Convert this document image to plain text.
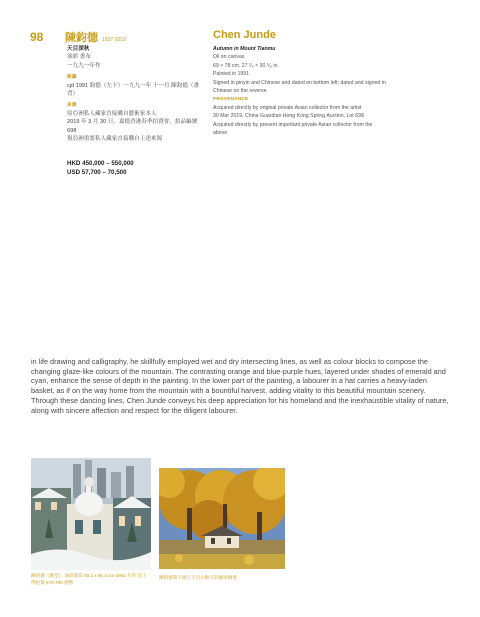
98 陳鈞德 1937-2019	Chen Junde
天目深秋
油彩 畫布
一九九一年作
款識
cjd 1991 鈞德（左下）一九九一年 十一月 陳鈞德（畫背）
來源
原亞洲私人藏家直接購自藝術家本人
2019 年 3 月 30 日，嘉德香港春季拍賣會，拍品編號 698
現亞洲重要私人藏家直接購自上述來源
Autumn in Mount Tianmu
Oil on canvas
69 × 78 cm. 27 ¹⁄₈ × 30 ⁵⁄₈ in.
Painted in 1991
Signed in pinyin and Chinese and dated on bottom left; dated and signed in Chinese on the reverse
PROVENANCE
Acquired directly by original private Asian collector from the artist
30 Mar 2019, China Guardian Hong Kong Spring Auction, Lot 698
Acquired directly by present important private Asian collector from the above
HKD 450,000 – 550,000
USD 57,700 – 70,500

in life drawing and calligraphy, he skillfully employed wet and dry intersecting lines, as well as colour blocks to compose the changing glaze-like colours of the mountain. The contrasting orange and blue-purple hues, layered under shades of emerald and cyan, enhance the sense of depth in the painting. In the lower part of the painting, a labourer in a hat carries a heavy-laden basket, as if on the way home from the mountain with a bountiful harvest, adding vitality to this beautiful mountain scenery. Through these dancing lines, Chen Junde conveys his deep appreciation for his homeland and the inexhaustible vitality of nature, along with sincere affection and respect for the diligent labourer.

陳鈞德《教堂》 油彩畫布 60.2 x 90.3 cm 1991 年作 佳士得拍賣 870,700 港幣
陳鈞德筆下浙江天目山秋天的銀杏樹景
